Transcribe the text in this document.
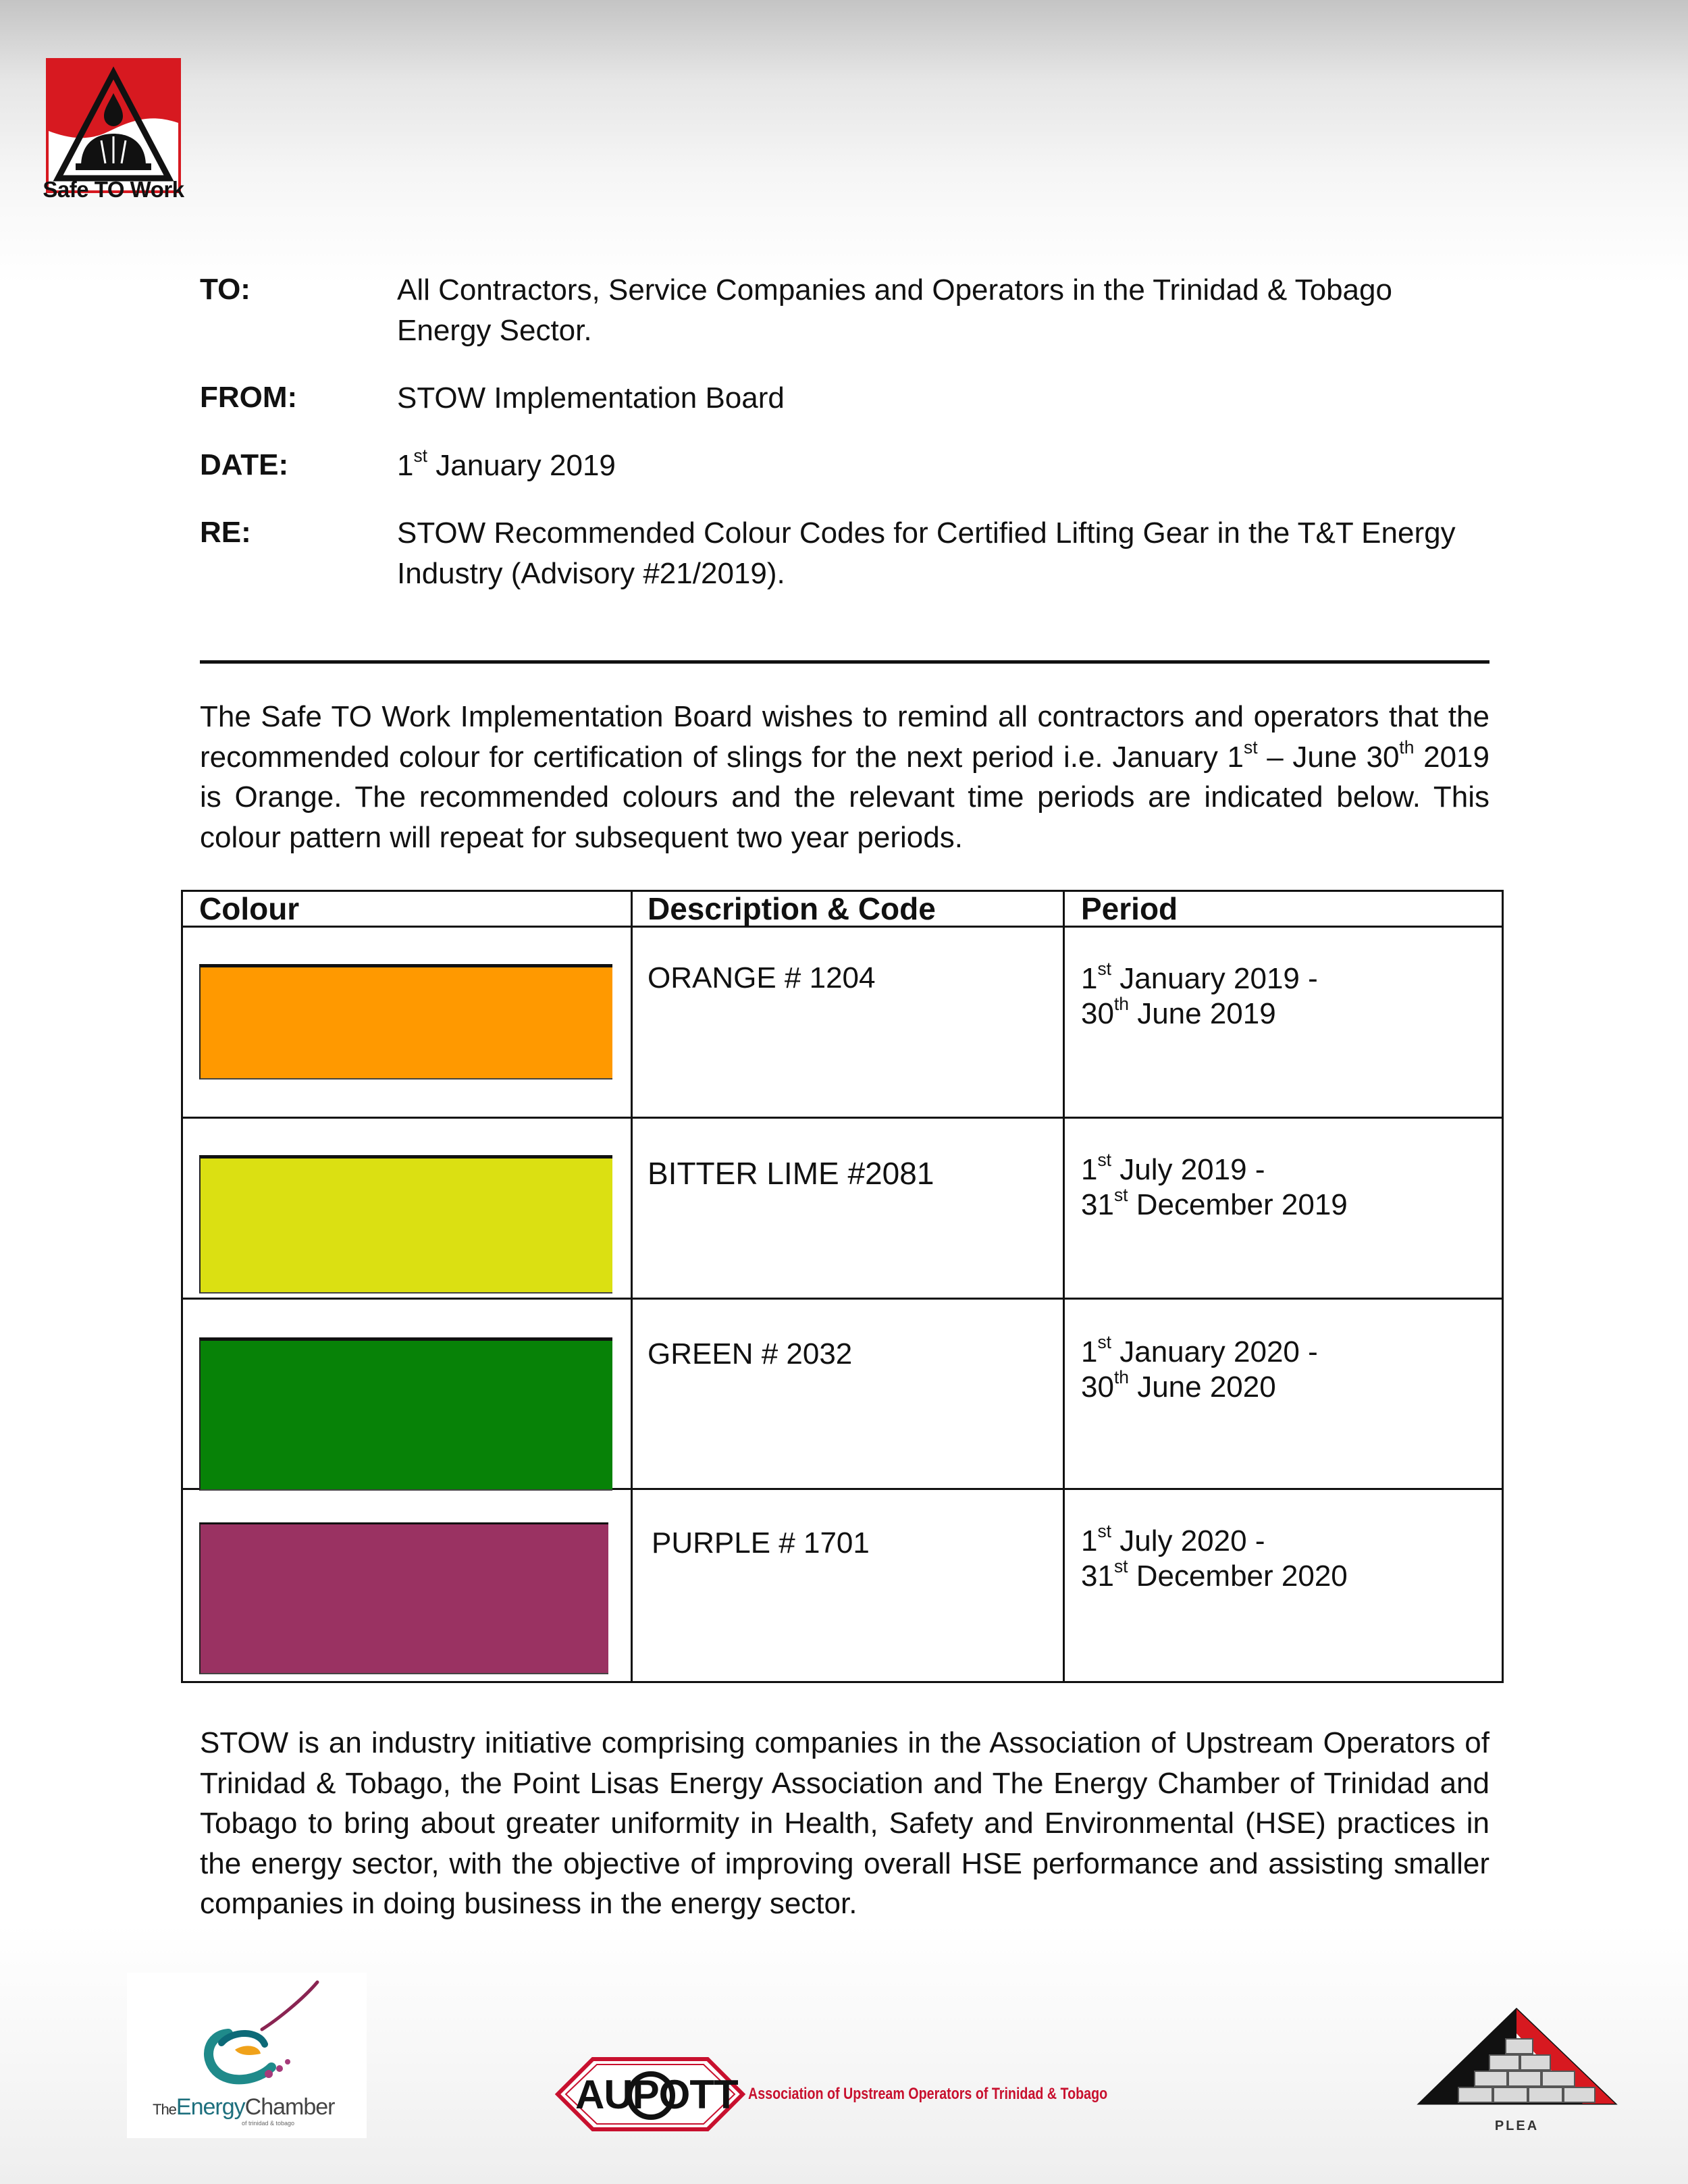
Safe TO Work
TO:	All Contractors, Service Companies and Operators in the Trinidad & Tobago
Energy Sector.
FROM:	STOW Implementation Board
DATE:	1st January 2019
RE:	STOW Recommended Colour Codes for Certified Lifting Gear in the T&T Energy
Industry (Advisory #21/2019).
The Safe TO Work Implementation Board wishes to remind all contractors and operators that the recommended colour for certification of slings for the next period i.e. January 1st – June 30th 2019 is Orange. The recommended colours and the relevant time periods are indicated below. This colour pattern will repeat for subsequent two year periods.
Colour	Description & Code	Period

	ORANGE # 1204	1st January 2019 -
30th June 2019

	BITTER LIME #2081	1st July 2019 -
31st December 2019

	GREEN # 2032	1st January 2020 -
30th June 2020

	PURPLE # 1701	1st July 2020 -
31st December 2020
STOW is an industry initiative comprising companies in the Association of Upstream Operators of Trinidad & Tobago, the Point Lisas Energy Association and The Energy Chamber of Trinidad and Tobago to bring about greater uniformity in Health, Safety and Environmental (HSE) practices in the energy sector, with the objective of improving overall HSE performance and assisting smaller companies in doing business in the energy sector.
TheEnergyChamber
of trinidad & tobago
AUPOTT Association of Upstream Operators of Trinidad & Tobago
PLEA
